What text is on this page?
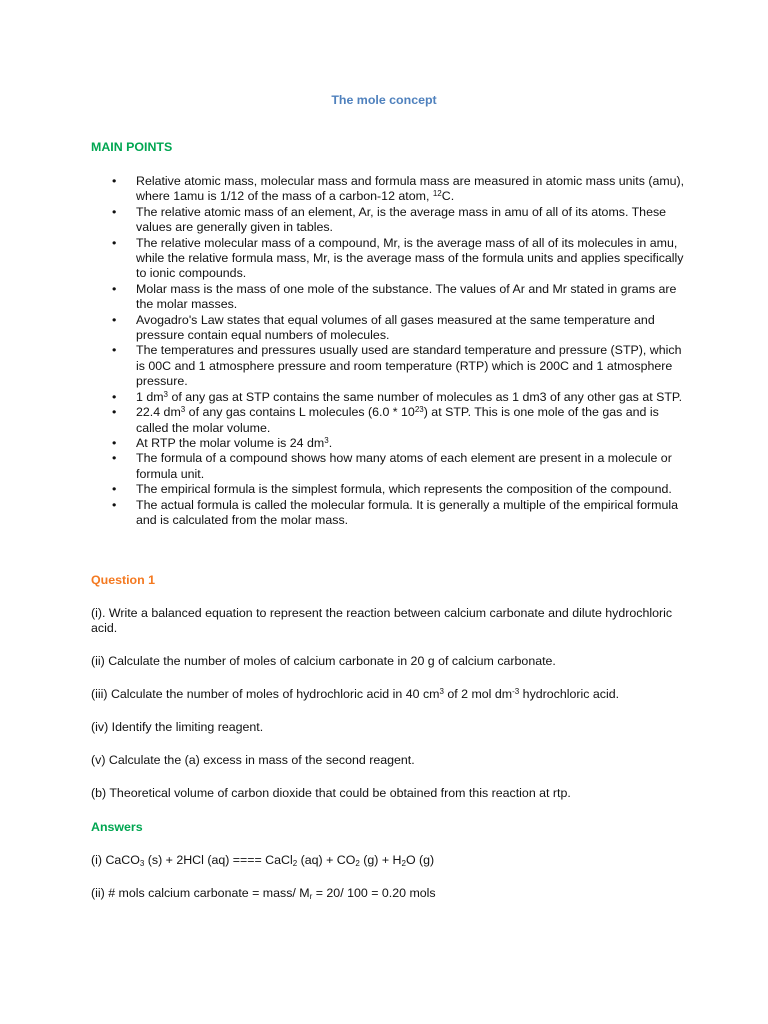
The mole concept
MAIN POINTS
• Relative atomic mass, molecular mass and formula mass are measured in atomic mass units (amu), where 1amu is 1/12 of the mass of a carbon-12 atom, $^{12}$C.
• The relative atomic mass of an element, Ar, is the average mass in amu of all of its atoms. These values are generally given in tables.
• The relative molecular mass of a compound, Mr, is the average mass of all of its molecules in amu, while the relative formula mass, Mr, is the average mass of the formula units and applies specifically to ionic compounds.
• Molar mass is the mass of one mole of the substance. The values of Ar and Mr stated in grams are the molar masses.
• Avogadro's Law states that equal volumes of all gases measured at the same temperature and pressure contain equal numbers of molecules.
• The temperatures and pressures usually used are standard temperature and pressure (STP), which is 00C and 1 atmosphere pressure and room temperature (RTP) which is 200C and 1 atmosphere pressure.
• 1 $dm^3$ of any gas at STP contains the same number of molecules as 1 dm3 of any other gas at STP.
• 22.4 $dm^3$ of any gas contains L molecules $(6.0 * 10^{23})$ at STP. This is one mole of the gas and is called the molar volume.
• At RTP the molar volume is 24 $dm^3$.
• The formula of a compound shows how many atoms of each element are present in a molecule or formula unit.
• The empirical formula is the simplest formula, which represents the composition of the compound.
• The actual formula is called the molecular formula. It is generally a multiple of the empirical formula and is calculated from the molar mass.
Question 1

(i). Write a balanced equation to represent the reaction between calcium carbonate and dilute hydrochloric acid.

(ii) Calculate the number of moles of calcium carbonate in 20 g of calcium carbonate.

(iii) Calculate the number of moles of hydrochloric acid in 40 $cm^3$ of 2 mol $dm^{-3}$ hydrochloric acid.

(iv) Identify the limiting reagent.

(v) Calculate the (a) excess in mass of the second reagent.

(b) Theoretical volume of carbon dioxide that could be obtained from this reaction at rtp.

Answers

(i) CaCO$_3$ (s) + 2HCl (aq) ==== CaCl$_2$ $(aq) + CO_2$ $(g) + H_2O$ (g)

(ii) # mols calcium carbonate = mass/ $M_r = 20/$ 100 = 0.20 mols
